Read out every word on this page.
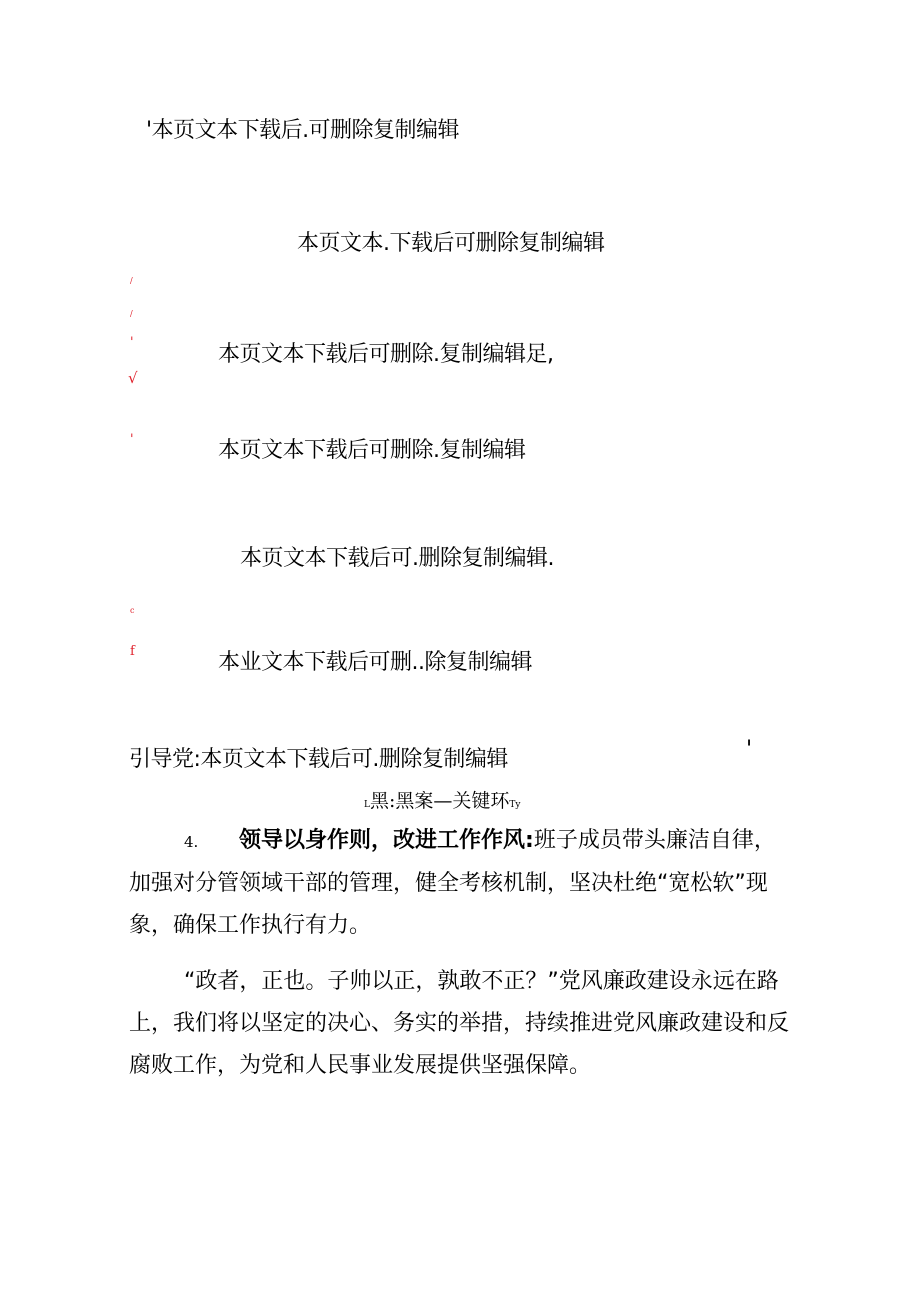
'本页文本下载后.可删除复制编辑
本页文本.下载后可删除复制编辑
/
/
'	本页文本下载后可删除.复制编辑足,
√
'	本页文本下载后可删除.复制编辑
本页文本下载后可.删除复制编辑.
c
f	本业文本下载后可删..除复制编辑
引导党:本页文本下载后可.删除复制编辑	'
L黑:黑案—关键环Ty

4. 领导以身作则，改进工作作风:班子成员带头廉洁自律，

加强对分管领域干部的管理，健全考核机制，坚决杜绝“宽松软”现象，确保工作执行有力。

“政者，正也。子帅以正，孰敢不正？”党风廉政建设永远在路上，我们将以坚定的决心、务实的举措，持续推进党风廉政建设和反腐败工作，为党和人民事业发展提供坚强保障。
